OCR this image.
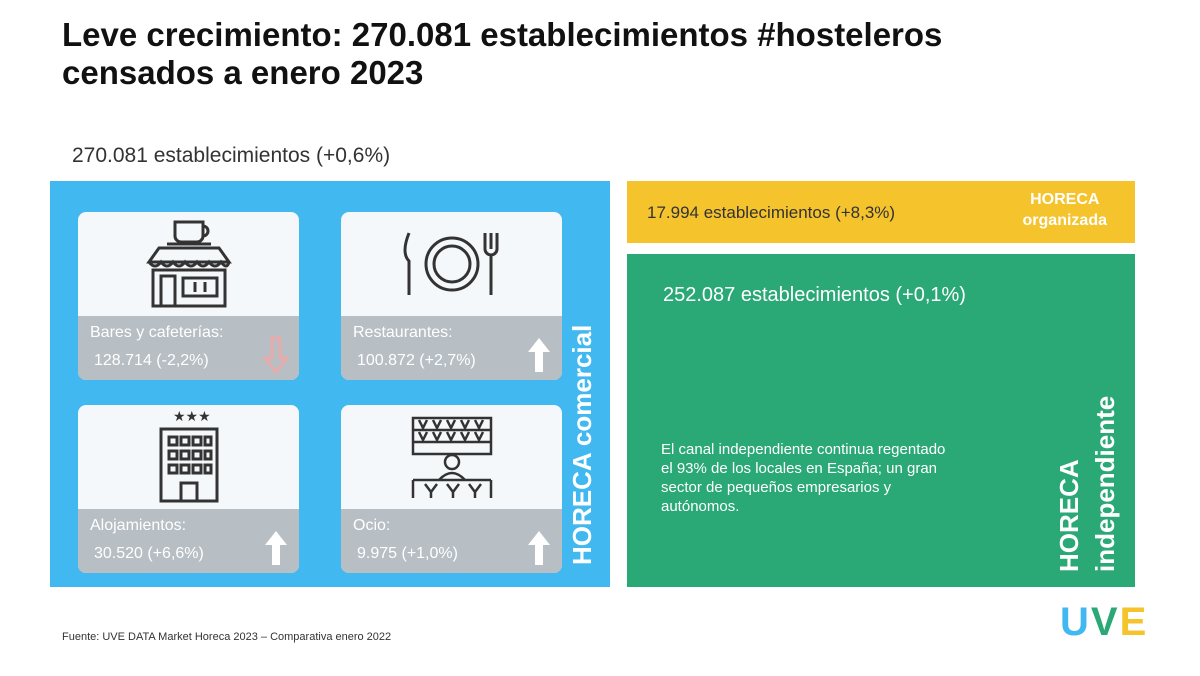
Leve crecimiento: 270.081 establecimientos #hosteleros
censados a enero 2023
270.081 establecimientos (+0,6%)
Bares y cafeterías:
128.714 (-2,2%)
Restaurantes:
100.872 (+2,7%)
★★★
Alojamientos:
30.520 (+6,6%)
Ocio:
9.975 (+1,0%)	HORECA comercial
17.994 establecimientos (+8,3%)
HORECA
organizada
252.087 establecimientos (+0,1%)
El canal independiente continua regentado el 93% de los locales en España; un gran sector de pequeños empresarios y autónomos.	HORECA independiente
Fuente: UVE DATA Market Horeca 2023 – Comparativa enero 2022	UVE
